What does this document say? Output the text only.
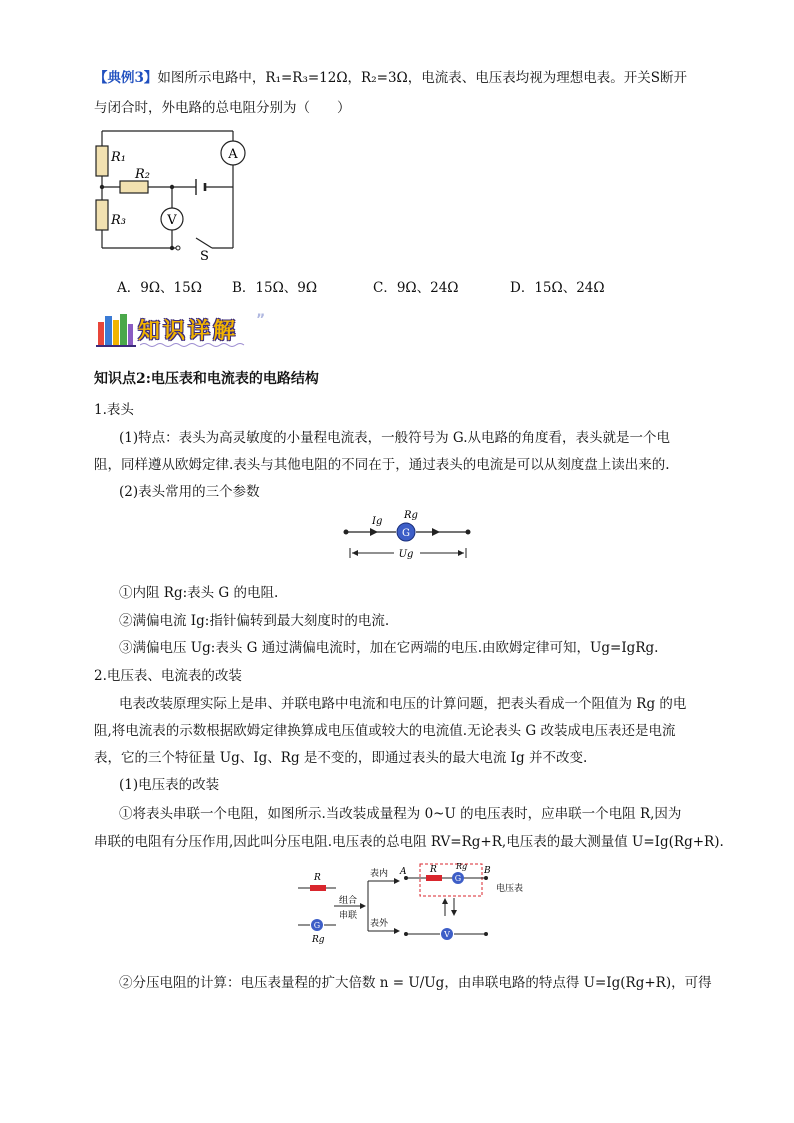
【典例3】如图所示电路中，R₁=R₃=12Ω，R₂=3Ω，电流表、电压表均视为理想电表。开关S断开
与闭合时，外电路的总电阻分别为（　　）
A
V
R₁
R₃
R₂
S
A．9Ω、15Ω B．15Ω、9Ω	C．9Ω、24Ω	D．15Ω、24Ω
知识详解 ”
知识点2:电压表和电流表的电路结构
1.表头
(1)特点：表头为高灵敏度的小量程电流表，一般符号为 G.从电路的角度看，表头就是一个电
阻，同样遵从欧姆定律.表头与其他电阻的不同在于，通过表头的电流是可以从刻度盘上读出来的.
(2)表头常用的三个参数
G
Ig
Rg
Ug
①内阻 Rg:表头 G 的电阻.
②满偏电流 Ig:指针偏转到最大刻度时的电流.
③满偏电压 Ug:表头 G 通过满偏电流时，加在它两端的电压.由欧姆定律可知，Ug=IgRg.
2.电压表、电流表的改装
电表改装原理实际上是串、并联电路中电流和电压的计算问题，把表头看成一个阻值为 Rg 的电
阻,将电流表的示数根据欧姆定律换算成电压值或较大的电流值.无论表头 G 改装成电压表还是电流
表，它的三个特征量 Ug、Ig、Rg 是不变的，即通过表头的最大电流 Ig 并不改变.
(1)电压表的改装
①将表头串联一个电阻，如图所示.当改装成量程为 0~U 的电压表时，应串联一个电阻 R,因为
串联的电阻有分压作用,因此叫分压电阻.电压表的总电阻 RV=Rg+R,电压表的最大测量值 U=Ig(Rg+R).
R
G
Rg
组合
串联
表内
表外
A	R
G
Rg B
电压表
V
②分压电阻的计算：电压表量程的扩大倍数 n = U/Ug，由串联电路的特点得 U=Ig(Rg+R)，可得
